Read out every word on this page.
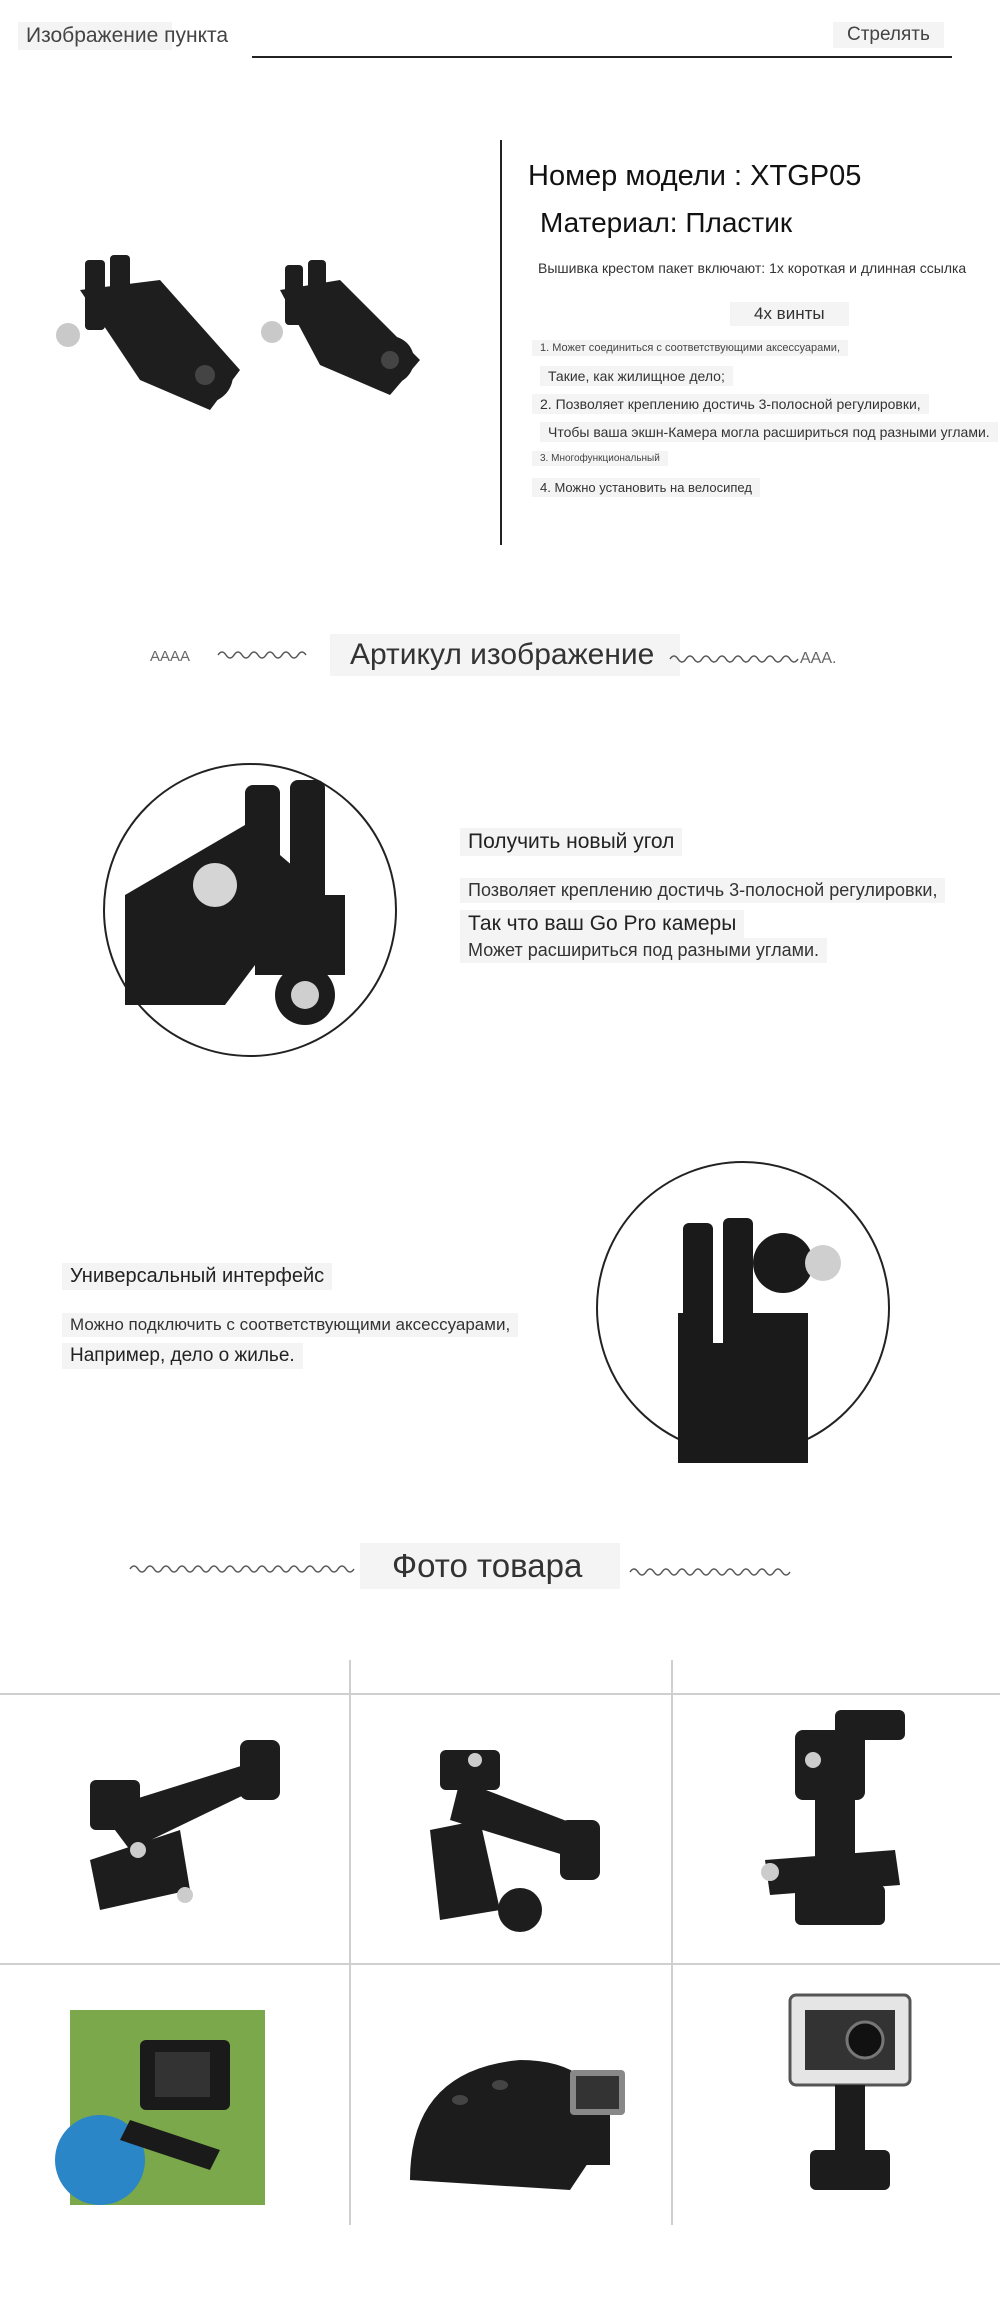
Изображение пункта	Стрелять
Номер модели : XTGP05
Материал: Пластик
Вышивка крестом пакет включают: 1x короткая и длинная ссылка
4x винты
1. Может соединиться с соответствующими аксессуарами,
Такие, как жилищное дело;
2. Позволяет креплению достичь 3-полосной регулировки,
Чтобы ваша экшн-Камера могла расшириться под разными углами.
3. Многофункциональный
4. Можно установить на велосипед
AAAA	Артикул изображение	AAA.
Получить новый угол
Позволяет креплению достичь 3-полосной регулировки,
Так что ваш Go Pro камеры
Может расшириться под разными углами.
Универсальный интерфейс
Можно подключить с соответствующими аксессуарами,
Например, дело о жилье.
Фото товара
